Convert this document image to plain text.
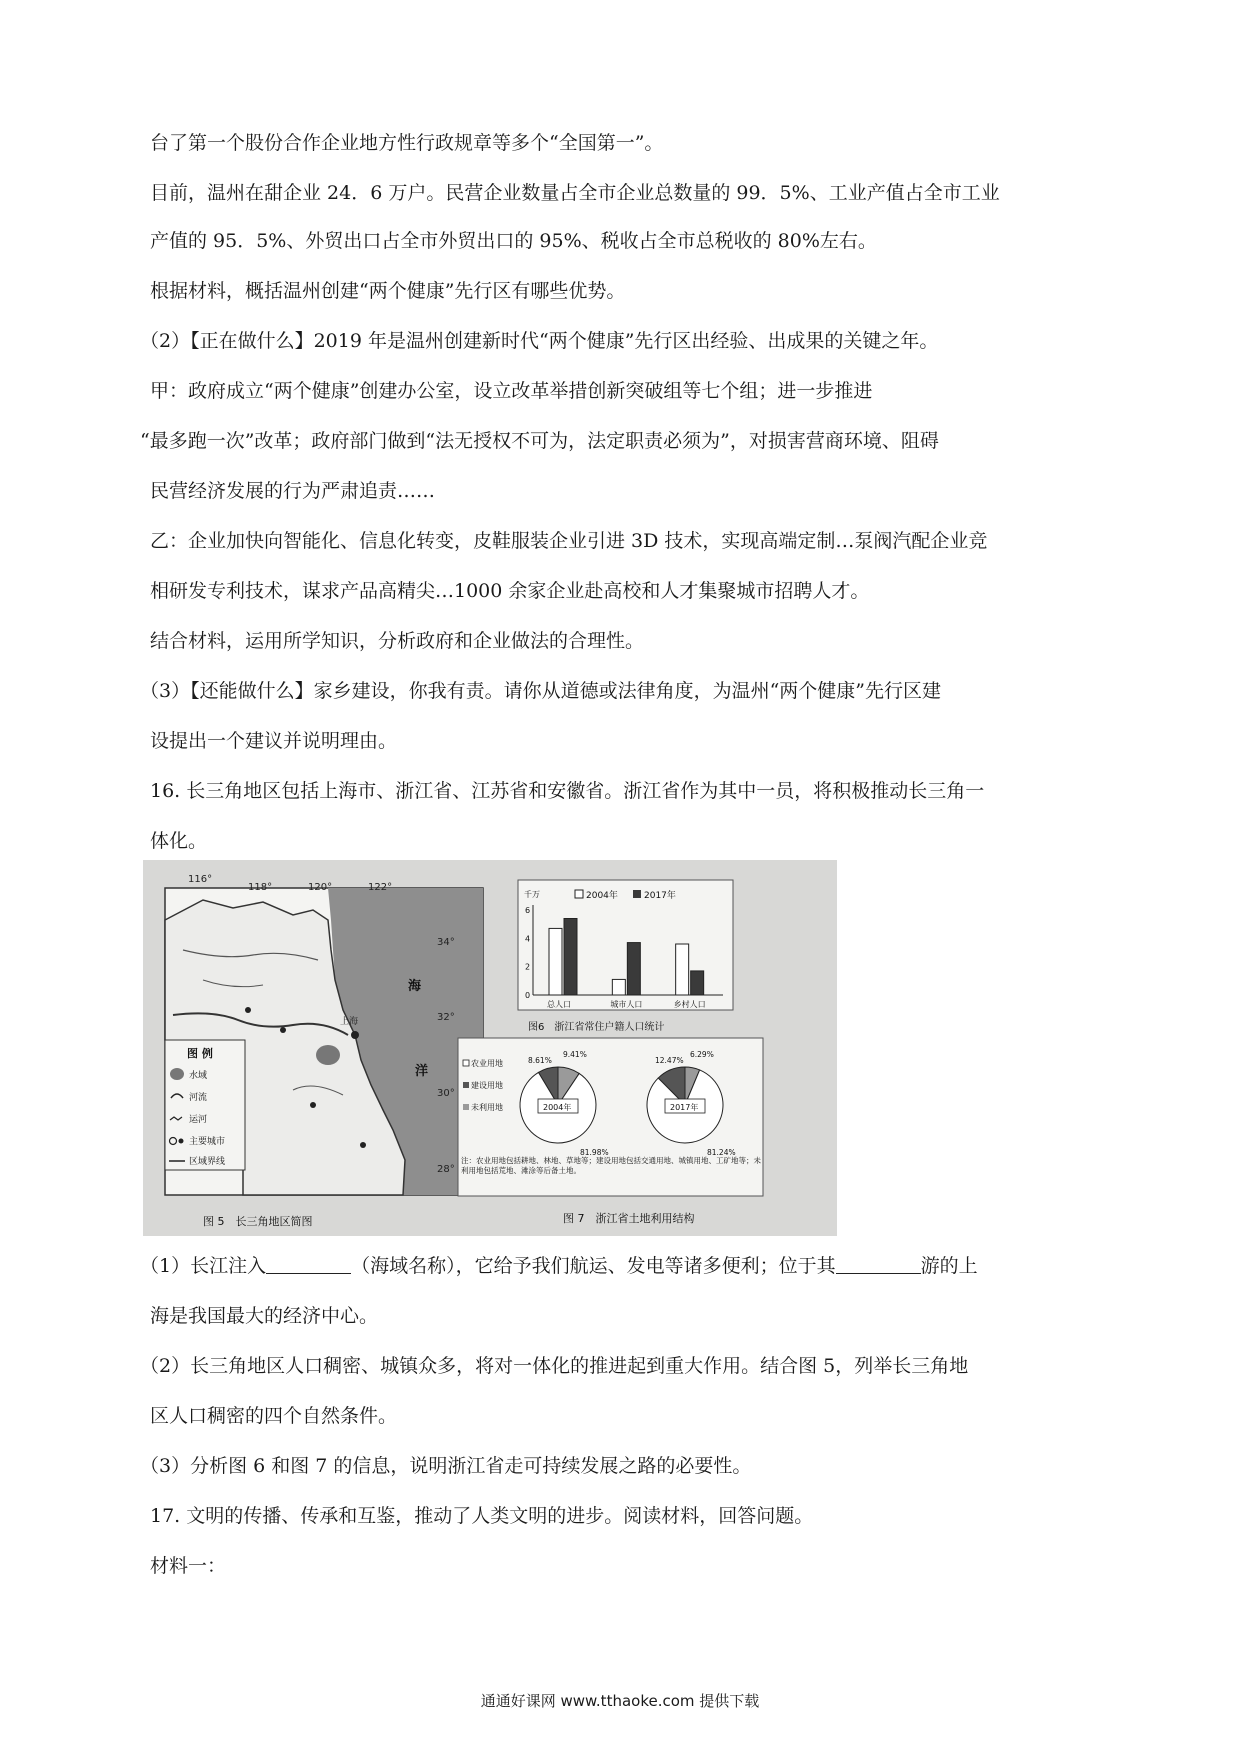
台了第一个股份合作企业地方性行政规章等多个“全国第一”。
目前，温州在甜企业 24．6 万户。民营企业数量占全市企业总数量的 99．5%、工业产值占全市工业
产值的 95．5%、外贸出口占全市外贸出口的 95%、税收占全市总税收的 80%左右。
根据材料，概括温州创建“两个健康”先行区有哪些优势。
（2）【正在做什么】2019 年是温州创建新时代“两个健康”先行区出经验、出成果的关键之年。
甲：政府成立“两个健康”创建办公室，设立改革举措创新突破组等七个组；进一步推进
“最多跑一次”改革；政府部门做到“法无授权不可为，法定职责必须为”，对损害营商环境、阻碍
民营经济发展的行为严肃追责……
乙：企业加快向智能化、信息化转变，皮鞋服装企业引进 3D 技术，实现高端定制…泵阀汽配企业竞
相研发专利技术，谋求产品高精尖…1000 余家企业赴高校和人才集聚城市招聘人才。
结合材料，运用所学知识，分析政府和企业做法的合理性。
（3）【还能做什么】家乡建设，你我有责。请你从道德或法律角度，为温州“两个健康”先行区建
设提出一个建议并说明理由。
16. 长三角地区包括上海市、浙江省、江苏省和安徽省。浙江省作为其中一员，将积极推动长三角一
体化。
上海
116°
118°	120°	122°
34°
32°
30°
28°
海
洋
图 例
水域
河流
运河
主要城市
区域界线
图 5　长三角地区简图
千万
0
2
4
6
总人口	城市人口	乡村人口
2004年	2017年
图6　浙江省常住户籍人口统计
农业用地
建设用地
未利用地	2004年
8.61%
9.41%
81.98%
2017年
12.47%
6.29%
81.24%
注：农业用地包括耕地、林地、草地等；建设用地包括交通用地、城镇用地、工矿地等；未利用地包括荒地、滩涂等后备土地。
图 7　浙江省土地利用结构
（1）长江注入	（海域名称），它给予我们航运、发电等诸多便利；位于其	游的上
海是我国最大的经济中心。
（2）长三角地区人口稠密、城镇众多，将对一体化的推进起到重大作用。结合图 5，列举长三角地
区人口稠密的四个自然条件。
（3）分析图 6 和图 7 的信息，说明浙江省走可持续发展之路的必要性。
17. 文明的传播、传承和互鉴，推动了人类文明的进步。阅读材料，回答问题。
材料一：
通通好课网 www.tthaoke.com 提供下载
